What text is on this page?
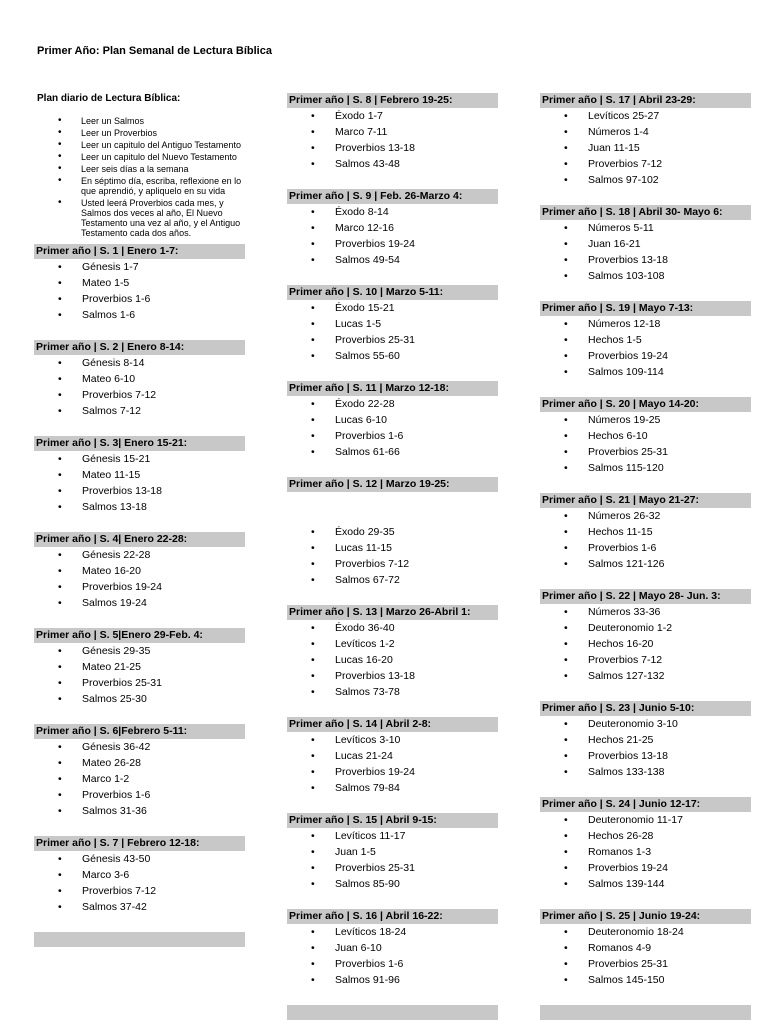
Primer Año: Plan Semanal de Lectura Bíblica
Plan diario de Lectura Bíblica:
• Leer un Salmos
• Leer un Proverbios
• Leer un capitulo del Antiguo Testamento
• Leer un capitulo del Nuevo Testamento
• Leer seis días a la semana
• En séptimo día, escriba, reflexione en lo que aprendió, y apliquelo en su vida
• Usted leerá Proverbios cada mes, y Salmos dos veces al año, El Nuevo Testamento una vez al año, y el Antiguo Testamento cada dos años.
Primer año | S. 1 | Enero 1-7:
• Génesis 1-7
• Mateo 1-5
• Proverbios 1-6
• Salmos 1-6
Primer año | S. 2 | Enero 8-14:
• Génesis 8-14
• Mateo 6-10
• Proverbios 7-12
• Salmos 7-12
Primer año | S. 3| Enero 15-21:
• Génesis 15-21
• Mateo 11-15
• Proverbios 13-18
• Salmos 13-18
Primer año | S. 4| Enero 22-28:
• Génesis 22-28
• Mateo 16-20
• Proverbios 19-24
• Salmos 19-24
Primer año | S. 5|Enero 29-Feb. 4:
• Génesis 29-35
• Mateo 21-25
• Proverbios 25-31
• Salmos 25-30
Primer año | S. 6|Febrero 5-11:
• Génesis 36-42
• Mateo 26-28
• Marco 1-2
• Proverbios 1-6
• Salmos 31-36
Primer año | S. 7 | Febrero 12-18:
• Génesis 43-50
• Marco 3-6
• Proverbios 7-12
• Salmos 37-42
Primer año | S. 8 | Febrero 19-25:
• Éxodo 1-7
• Marco 7-11
• Proverbios 13-18
• Salmos 43-48
Primer año | S. 9 | Feb. 26-Marzo 4:
• Éxodo 8-14
• Marco 12-16
• Proverbios 19-24
• Salmos 49-54
Primer año | S. 10 | Marzo 5-11:
• Éxodo 15-21
• Lucas 1-5
• Proverbios 25-31
• Salmos 55-60
Primer año | S. 11 | Marzo 12-18:
• Éxodo 22-28
• Lucas 6-10
• Proverbios 1-6
• Salmos 61-66
Primer año | S. 12 | Marzo 19-25:
• Éxodo 29-35
• Lucas 11-15
• Proverbios 7-12
• Salmos 67-72
Primer año | S. 13 | Marzo 26-Abril 1:
• Éxodo 36-40
• Levíticos 1-2
• Lucas 16-20
• Proverbios 13-18
• Salmos 73-78
Primer año | S. 14 | Abril 2-8:
• Levíticos 3-10
• Lucas 21-24
• Proverbios 19-24
• Salmos 79-84
Primer año | S. 15 | Abril 9-15:
• Levíticos 11-17
• Juan 1-5
• Proverbios 25-31
• Salmos 85-90
Primer año | S. 16 | Abril 16-22:
• Levíticos 18-24
• Juan 6-10
• Proverbios 1-6
• Salmos 91-96
Primer año | S. 17 | Abril 23-29:
• Levíticos 25-27
• Números 1-4
• Juan 11-15
• Proverbios 7-12
• Salmos 97-102
Primer año | S. 18 | Abril 30- Mayo 6:
• Números 5-11
• Juan 16-21
• Proverbios 13-18
• Salmos 103-108
Primer año | S. 19 | Mayo 7-13:
• Números 12-18
• Hechos 1-5
• Proverbios 19-24
• Salmos 109-114
Primer año | S. 20 | Mayo 14-20:
• Números 19-25
• Hechos 6-10
• Proverbios 25-31
• Salmos 115-120
Primer año | S. 21 | Mayo 21-27:
• Números 26-32
• Hechos 11-15
• Proverbios 1-6
• Salmos 121-126
Primer año | S. 22 | Mayo 28- Jun. 3:
• Números 33-36
• Deuteronomio 1-2
• Hechos 16-20
• Proverbios 7-12
• Salmos 127-132
Primer año | S. 23 | Junio 5-10:
• Deuteronomio 3-10
• Hechos 21-25
• Proverbios 13-18
• Salmos 133-138
Primer año | S. 24 | Junio 12-17:
• Deuteronomio 11-17
• Hechos 26-28
• Romanos 1-3
• Proverbios 19-24
• Salmos 139-144
Primer año | S. 25 | Junio 19-24:
• Deuteronomio 18-24
• Romanos 4-9
• Proverbios 25-31
• Salmos 145-150
